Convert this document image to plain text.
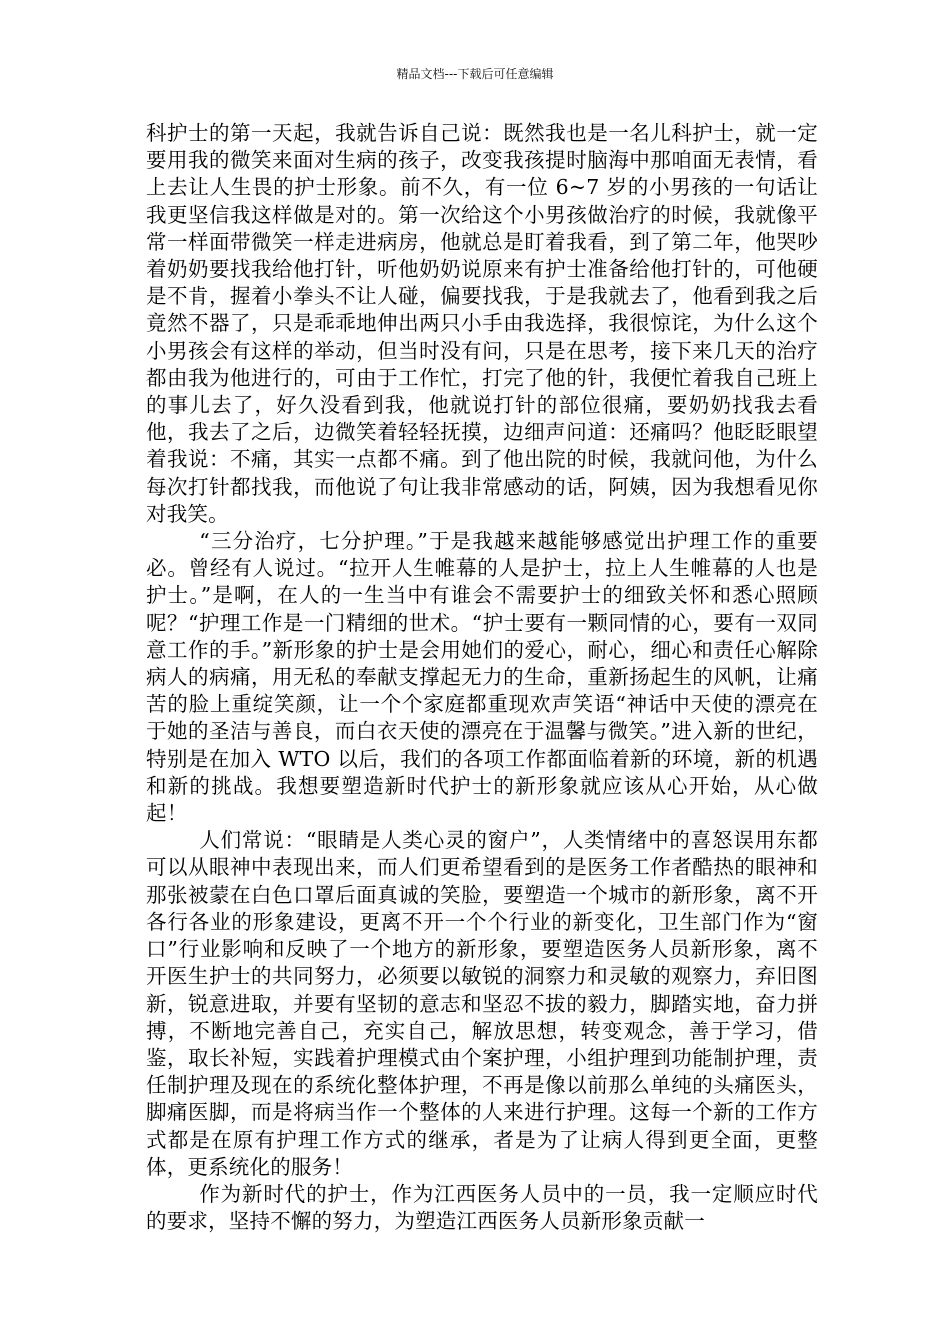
精品文档---下载后可任意编辑

科护士的第一天起，我就告诉自己说：既然我也是一名儿科护士，就一定要用我的微笑来面对生病的孩子，改变我孩提时脑海中那咱面无表情，看上去让人生畏的护士形象。前不久，有一位 6~7 岁的小男孩的一句话让我更坚信我这样做是对的。第一次给这个小男孩做治疗的时候，我就像平常一样面带微笑一样走进病房，他就总是盯着我看，到了第二年，他哭吵着奶奶要找我给他打针，听他奶奶说原来有护士准备给他打针的，可他硬是不肯，握着小拳头不让人碰，偏要找我，于是我就去了，他看到我之后竟然不器了，只是乖乖地伸出两只小手由我选择，我很惊诧，为什么这个小男孩会有这样的举动，但当时没有问，只是在思考，接下来几天的治疗都由我为他进行的，可由于工作忙，打完了他的针，我便忙着我自己班上的事儿去了，好久没看到我，他就说打针的部位很痛，要奶奶找我去看他，我去了之后，边微笑着轻轻抚摸，边细声问道：还痛吗？他眨眨眼望着我说：不痛，其实一点都不痛。到了他出院的时候，我就问他，为什么每次打针都找我，而他说了句让我非常感动的话，阿姨，因为我想看见你对我笑。

“三分治疗，七分护理。”于是我越来越能够感觉出护理工作的重要必。曾经有人说过。“拉开人生帷幕的人是护士，拉上人生帷幕的人也是护士。”是啊，在人的一生当中有谁会不需要护士的细致关怀和悉心照顾呢？“护理工作是一门精细的世术。“护士要有一颗同情的心，要有一双同意工作的手。”新形象的护士是会用她们的爱心，耐心，细心和责任心解除病人的病痛，用无私的奉献支撑起无力的生命，重新扬起生的风帆，让痛苦的脸上重绽笑颜，让一个个家庭都重现欢声笑语“神话中天使的漂亮在于她的圣洁与善良，而白衣天使的漂亮在于温馨与微笑。”进入新的世纪，特别是在加入 WTO 以后，我们的各项工作都面临着新的环境，新的机遇和新的挑战。我想要塑造新时代护士的新形象就应该从心开始，从心做起！

人们常说：“眼睛是人类心灵的窗户”，人类情绪中的喜怒误用东都可以从眼神中表现出来，而人们更希望看到的是医务工作者酷热的眼神和那张被蒙在白色口罩后面真诚的笑脸，要塑造一个城市的新形象，离不开各行各业的形象建设，更离不开一个个行业的新变化，卫生部门作为“窗口”行业影响和反映了一个地方的新形象，要塑造医务人员新形象，离不开医生护士的共同努力，必须要以敏锐的洞察力和灵敏的观察力，弃旧图新，锐意进取，并要有坚韧的意志和坚忍不拔的毅力，脚踏实地，奋力拼搏，不断地完善自己，充实自己，解放思想，转变观念，善于学习，借鉴，取长补短，实践着护理模式由个案护理，小组护理到功能制护理，责任制护理及现在的系统化整体护理，不再是像以前那么单纯的头痛医头，脚痛医脚，而是将病当作一个整体的人来进行护理。这每一个新的工作方式都是在原有护理工作方式的继承，者是为了让病人得到更全面，更整体，更系统化的服务！

作为新时代的护士，作为江西医务人员中的一员，我一定顺应时代的要求，坚持不懈的努力，为塑造江西医务人员新形象贡献一
